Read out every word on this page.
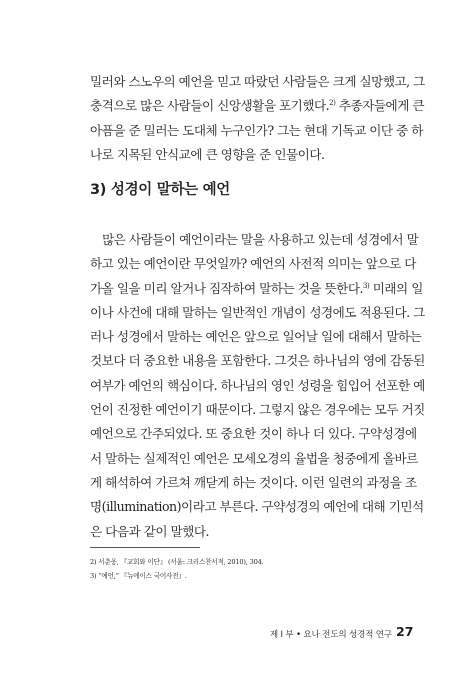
밀러와 스노우의 예언을 믿고 따랐던 사람들은 크게 실망했고, 그
충격으로 많은 사람들이 신앙생활을 포기했다.$^{2)}$ 추종자들에게 큰
아픔을 준 밀러는 도대체 누구인가? 그는 현대 기독교 이단 중 하
나로 지목된 안식교에 큰 영향을 준 인물이다.

3) 성경이 말하는 예언

 많은 사람들이 예언이라는 말을 사용하고 있는데 성경에서 말
하고 있는 예언이란 무엇일까? 예언의 사전적 의미는 앞으로 다
가올 일을 미리 알거나 짐작하여 말하는 것을 뜻한다.$^{3)}$ 미래의 일
이나 사건에 대해 말하는 일반적인 개념이 성경에도 적용된다. 그
러나 성경에서 말하는 예언은 앞으로 일어날 일에 대해서 말하는
것보다 더 중요한 내용을 포함한다. 그것은 하나님의 영에 감동된
여부가 예언의 핵심이다. 하나님의 영인 성령을 힘입어 선포한 예
언이 진정한 예언이기 때문이다. 그렇지 않은 경우에는 모두 거짓
예언으로 간주되었다. 또 중요한 것이 하나 더 있다. 구약성경에
서 말하는 실제적인 예언은 모세오경의 율법을 청중에게 올바르
게 해석하여 가르쳐 깨닫게 하는 것이다. 이런 일련의 과정을 조
명(illumination)이라고 부른다. 구약성경의 예언에 대해 기민석
은 다음과 같이 말했다.

2) 서춘웅, 『교회와 이단』 (서울: 크리스찬서적, 2010), 304.
3) “예언,” 『뉴에이스 국어사전』.
제 I 부 • 요나 전도의 성경적 연구 27
